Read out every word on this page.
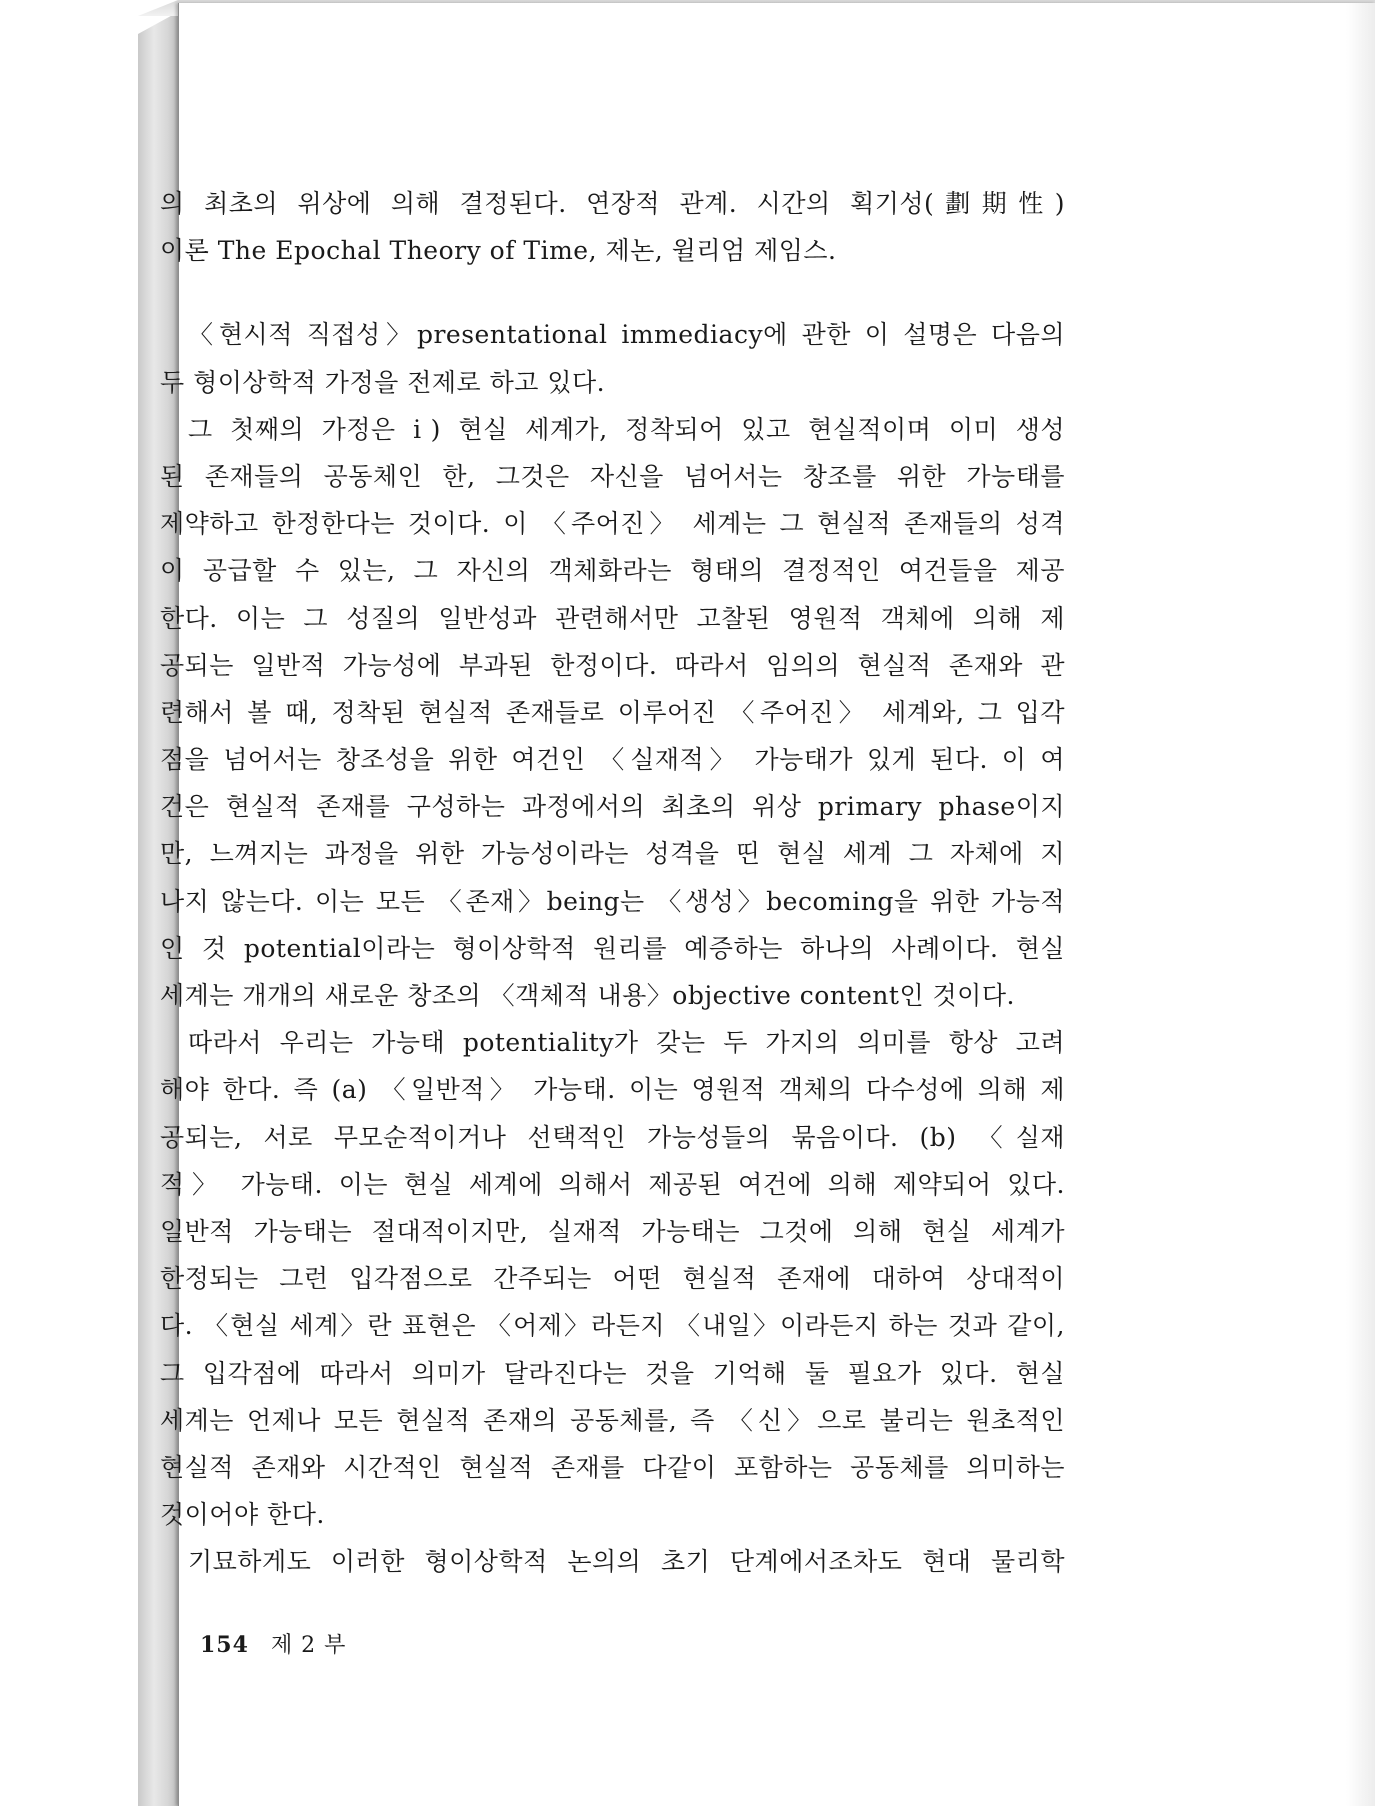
의 최초의 위상에 의해 결정된다. 연장적 관계. 시간의 획기성(劃期性)
이론 The Epochal Theory of Time, 제논, 윌리엄 제임스.
〈현시적 직접성〉presentational immediacy에 관한 이 설명은 다음의
두 형이상학적 가정을 전제로 하고 있다.
그 첫째의 가정은 ⅰ) 현실 세계가, 정착되어 있고 현실적이며 이미 생성
된 존재들의 공동체인 한, 그것은 자신을 넘어서는 창조를 위한 가능태를
제약하고 한정한다는 것이다. 이 〈주어진〉 세계는 그 현실적 존재들의 성격
이 공급할 수 있는, 그 자신의 객체화라는 형태의 결정적인 여건들을 제공
한다. 이는 그 성질의 일반성과 관련해서만 고찰된 영원적 객체에 의해 제
공되는 일반적 가능성에 부과된 한정이다. 따라서 임의의 현실적 존재와 관
련해서 볼 때, 정착된 현실적 존재들로 이루어진 〈주어진〉 세계와, 그 입각
점을 넘어서는 창조성을 위한 여건인 〈실재적〉 가능태가 있게 된다. 이 여
건은 현실적 존재를 구성하는 과정에서의 최초의 위상 primary phase이지
만, 느껴지는 과정을 위한 가능성이라는 성격을 띤 현실 세계 그 자체에 지
나지 않는다. 이는 모든 〈존재〉being는 〈생성〉becoming을 위한 가능적
인 것 potential이라는 형이상학적 원리를 예증하는 하나의 사례이다. 현실
세계는 개개의 새로운 창조의 〈객체적 내용〉objective content인 것이다.
따라서 우리는 가능태 potentiality가 갖는 두 가지의 의미를 항상 고려
해야 한다. 즉 (a) 〈일반적〉 가능태. 이는 영원적 객체의 다수성에 의해 제
공되는, 서로 무모순적이거나 선택적인 가능성들의 묶음이다. (b) 〈실재
적〉 가능태. 이는 현실 세계에 의해서 제공된 여건에 의해 제약되어 있다.
일반적 가능태는 절대적이지만, 실재적 가능태는 그것에 의해 현실 세계가
한정되는 그런 입각점으로 간주되는 어떤 현실적 존재에 대하여 상대적이
다. 〈현실 세계〉란 표현은 〈어제〉라든지 〈내일〉이라든지 하는 것과 같이,
그 입각점에 따라서 의미가 달라진다는 것을 기억해 둘 필요가 있다. 현실
세계는 언제나 모든 현실적 존재의 공동체를, 즉 〈신〉으로 불리는 원초적인
현실적 존재와 시간적인 현실적 존재를 다같이 포함하는 공동체를 의미하는
것이어야 한다.
기묘하게도 이러한 형이상학적 논의의 초기 단계에서조차도 현대 물리학
154 제 2 부
